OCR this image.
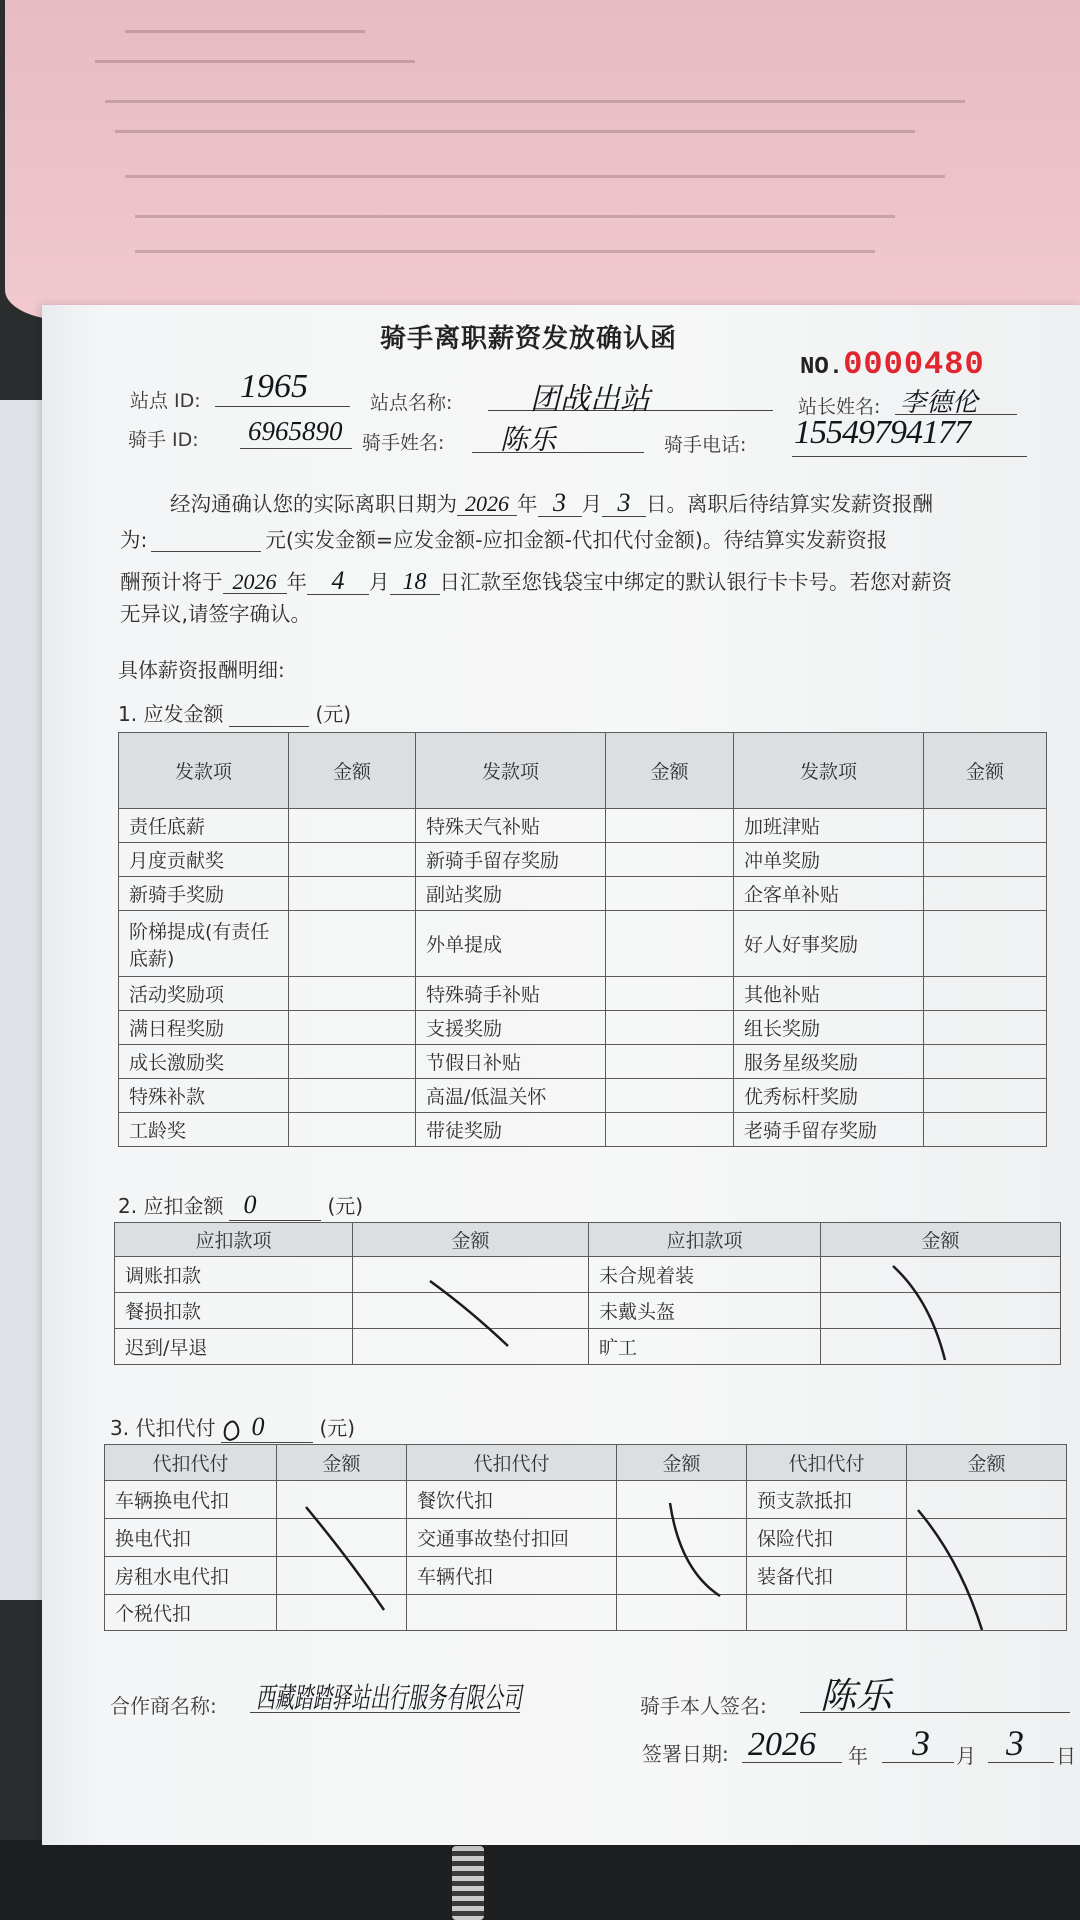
骑手离职薪资发放确认函
NO.0000480
站点 ID: 1965	站点名称:	团战出站	站长姓名: 李德伦
骑手 ID: 6965890 骑手姓名: 陈乐	骑手电话: 15549794177
经沟通确认您的实际离职日期为 2026 年 3 月 3 日。离职后待结算实发薪资报酬
为:	元(实发金额=应发金额-应扣金额-代扣代付金额)。待结算实发薪资报
酬预计将于 2026 年 4 月 18 日汇款至您钱袋宝中绑定的默认银行卡卡号。若您对薪资
无异议,请签字确认。
具体薪资报酬明细:
1. 应发金额	(元)
发款项	金额	发款项	金额	发款项	金额
责任底薪		特殊天气补贴		加班津贴	
月度贡献奖		新骑手留存奖励		冲单奖励	
新骑手奖励		副站奖励		企客单补贴	
阶梯提成(有责任底薪)		外单提成		好人好事奖励	
活动奖励项		特殊骑手补贴		其他补贴	
满日程奖励		支援奖励		组长奖励	
成长激励奖		节假日补贴		服务星级奖励	
特殊补款		高温/低温关怀		优秀标杆奖励	
工龄奖		带徒奖励		老骑手留存奖励	
2. 应扣金额 0	(元)
应扣款项	金额	应扣款项	金额
调账扣款		未合规着装	
餐损扣款		未戴头盔	
迟到/早退		旷工	
3. 代扣代付 0	(元)
代扣代付	金额	代扣代付	金额	代扣代付	金额
车辆换电代扣		餐饮代扣		预支款抵扣	
换电代扣		交通事故垫付扣回		保险代扣	
房租水电代扣		车辆代扣		装备代扣	
个税代扣					
合作商名称: 西藏踏踏驿站出行服务有限公司	骑手本人签名: 陈乐
签署日期: 2026 年 3 月 3 日
